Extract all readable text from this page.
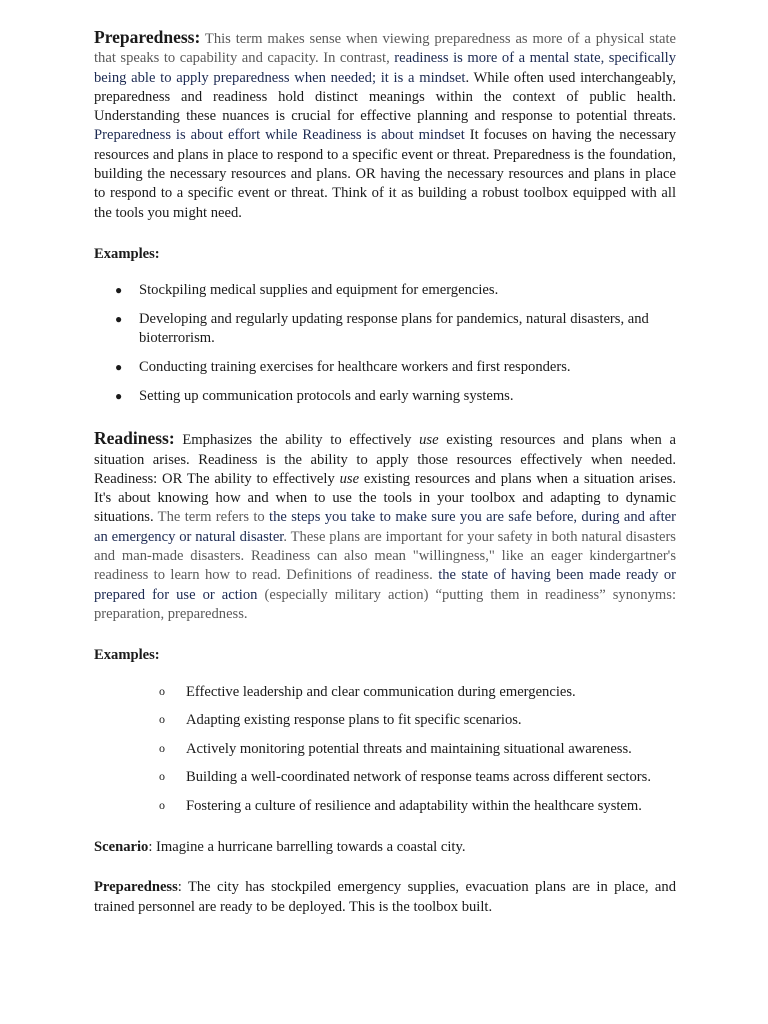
Preparedness: This term makes sense when viewing preparedness as more of a physical state that speaks to capability and capacity. In contrast, readiness is more of a mental state, specifically being able to apply preparedness when needed; it is a mindset. While often used interchangeably, preparedness and readiness hold distinct meanings within the context of public health. Understanding these nuances is crucial for effective planning and response to potential threats. Preparedness is about effort while Readiness is about mindset It focuses on having the necessary resources and plans in place to respond to a specific event or threat. Preparedness is the foundation, building the necessary resources and plans. OR having the necessary resources and plans in place to respond to a specific event or threat. Think of it as building a robust toolbox equipped with all the tools you might need.

Examples:

● Stockpiling medical supplies and equipment for emergencies.
● Developing and regularly updating response plans for pandemics, natural disasters, and bioterrorism.
● Conducting training exercises for healthcare workers and first responders.
● Setting up communication protocols and early warning systems.

Readiness: Emphasizes the ability to effectively use existing resources and plans when a situation arises. Readiness is the ability to apply those resources effectively when needed. Readiness: OR The ability to effectively use existing resources and plans when a situation arises. It's about knowing how and when to use the tools in your toolbox and adapting to dynamic situations. The term refers to the steps you take to make sure you are safe before, during and after an emergency or natural disaster. These plans are important for your safety in both natural disasters and man-made disasters. Readiness can also mean "willingness," like an eager kindergartner's readiness to learn how to read. Definitions of readiness. the state of having been made ready or prepared for use or action (especially military action) “putting them in readiness” synonyms: preparation, preparedness.

Examples:

o Effective leadership and clear communication during emergencies.
o Adapting existing response plans to fit specific scenarios.
o Actively monitoring potential threats and maintaining situational awareness.
o Building a well-coordinated network of response teams across different sectors.
o Fostering a culture of resilience and adaptability within the healthcare system.

Scenario: Imagine a hurricane barrelling towards a coastal city.

Preparedness: The city has stockpiled emergency supplies, evacuation plans are in place, and trained personnel are ready to be deployed. This is the toolbox built.
